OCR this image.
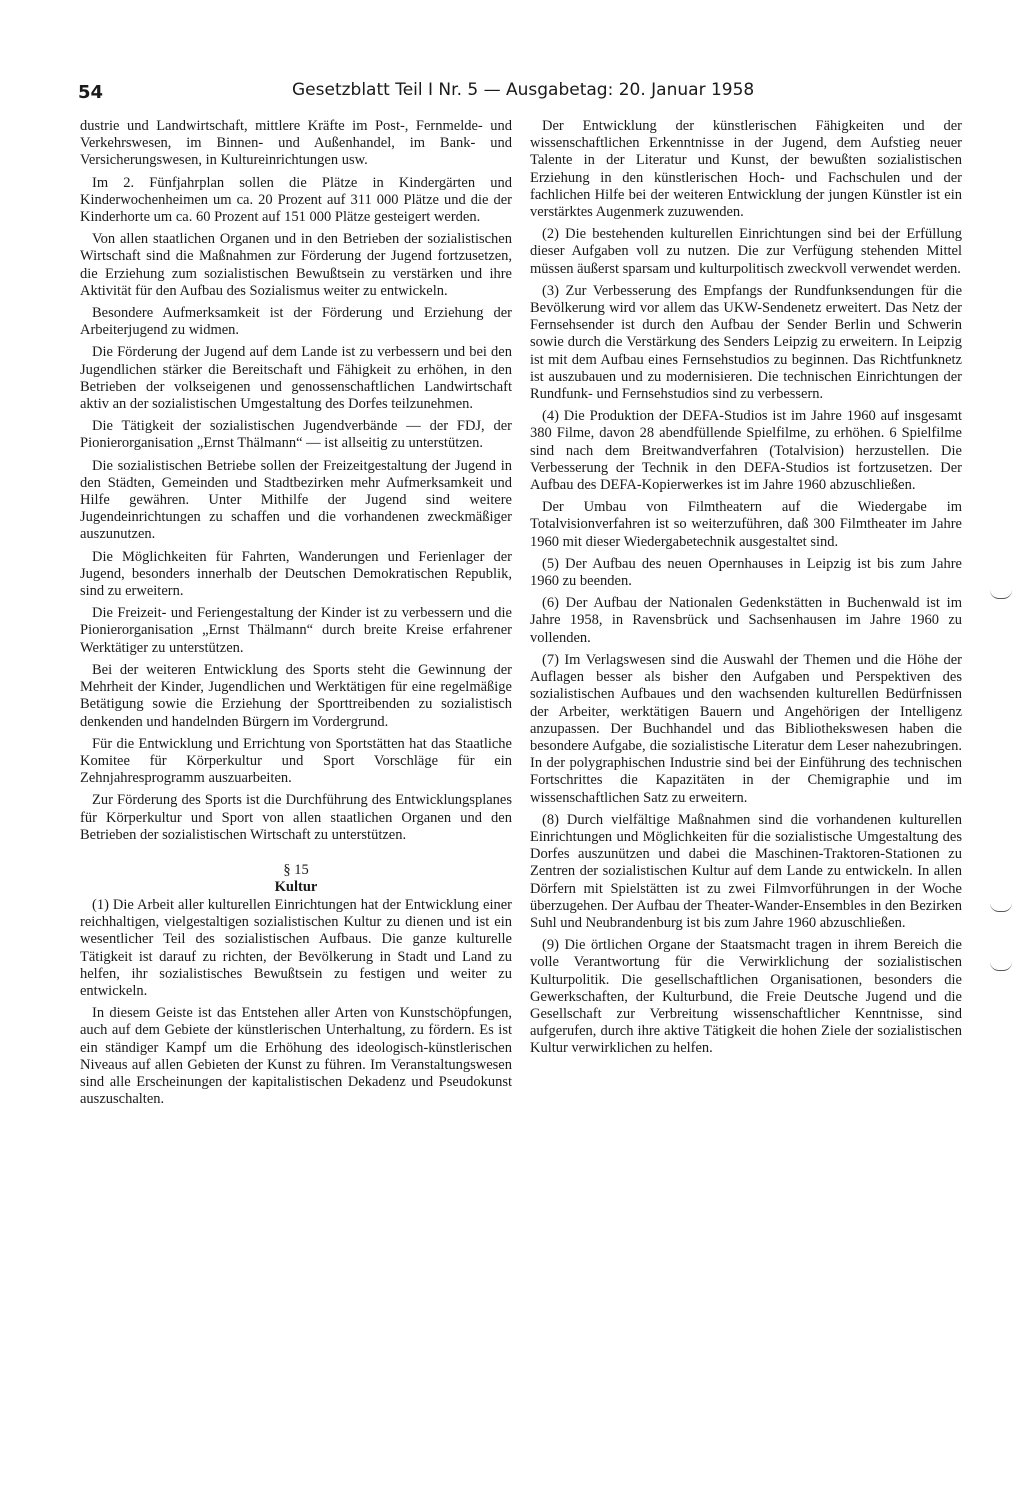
54	Gesetzblatt Teil I Nr. 5 — Ausgabetag: 20. Januar 1958

dustrie und Landwirtschaft, mittlere Kräfte im Post-, Fernmelde- und Verkehrswesen, im Binnen- und Außenhandel, im Bank- und Versicherungswesen, in Kultureinrichtungen usw.

Im 2. Fünfjahrplan sollen die Plätze in Kindergärten und Kinderwochenheimen um ca. 20 Prozent auf 311 000 Plätze und die der Kinderhorte um ca. 60 Prozent auf 151 000 Plätze gesteigert werden.

Von allen staatlichen Organen und in den Betrieben der sozialistischen Wirtschaft sind die Maßnahmen zur Förderung der Jugend fortzusetzen, die Erziehung zum sozialistischen Bewußtsein zu verstärken und ihre Aktivität für den Aufbau des Sozialismus weiter zu entwickeln.

Besondere Aufmerksamkeit ist der Förderung und Erziehung der Arbeiterjugend zu widmen.

Die Förderung der Jugend auf dem Lande ist zu verbessern und bei den Jugendlichen stärker die Bereitschaft und Fähigkeit zu erhöhen, in den Betrieben der volkseigenen und genossenschaftlichen Landwirtschaft aktiv an der sozialistischen Umgestaltung des Dorfes teilzunehmen.

Die Tätigkeit der sozialistischen Jugendverbände — der FDJ, der Pionierorganisation „Ernst Thälmann“ — ist allseitig zu unterstützen.

Die sozialistischen Betriebe sollen der Freizeitgestaltung der Jugend in den Städten, Gemeinden und Stadtbezirken mehr Aufmerksamkeit und Hilfe gewähren. Unter Mithilfe der Jugend sind weitere Jugendeinrichtungen zu schaffen und die vorhandenen zweckmäßiger auszunutzen.

Die Möglichkeiten für Fahrten, Wanderungen und Ferienlager der Jugend, besonders innerhalb der Deutschen Demokratischen Republik, sind zu erweitern.

Die Freizeit- und Feriengestaltung der Kinder ist zu verbessern und die Pionierorganisation „Ernst Thälmann“ durch breite Kreise erfahrener Werktätiger zu unterstützen.

Bei der weiteren Entwicklung des Sports steht die Gewinnung der Mehrheit der Kinder, Jugendlichen und Werktätigen für eine regelmäßige Betätigung sowie die Erziehung der Sporttreibenden zu sozialistisch denkenden und handelnden Bürgern im Vordergrund.

Für die Entwicklung und Errichtung von Sportstätten hat das Staatliche Komitee für Körperkultur und Sport Vorschläge für ein Zehnjahresprogramm auszuarbeiten.

Zur Förderung des Sports ist die Durchführung des Entwicklungsplanes für Körperkultur und Sport von allen staatlichen Organen und den Betrieben der sozialistischen Wirtschaft zu unterstützen.

§ 15
Kultur

(1) Die Arbeit aller kulturellen Einrichtungen hat der Entwicklung einer reichhaltigen, vielgestaltigen sozialistischen Kultur zu dienen und ist ein wesentlicher Teil des sozialistischen Aufbaus. Die ganze kulturelle Tätigkeit ist darauf zu richten, der Bevölkerung in Stadt und Land zu helfen, ihr sozialistisches Bewußtsein zu festigen und weiter zu entwickeln.

In diesem Geiste ist das Entstehen aller Arten von Kunstschöpfungen, auch auf dem Gebiete der künstlerischen Unterhaltung, zu fördern. Es ist ein ständiger Kampf um die Erhöhung des ideologisch-künstlerischen Niveaus auf allen Gebieten der Kunst zu führen. Im Veranstaltungswesen sind alle Erscheinungen der kapitalistischen Dekadenz und Pseudokunst auszuschalten.

Der Entwicklung der künstlerischen Fähigkeiten und der wissenschaftlichen Erkenntnisse in der Jugend, dem Aufstieg neuer Talente in der Literatur und Kunst, der bewußten sozialistischen Erziehung in den künstlerischen Hoch- und Fachschulen und der fachlichen Hilfe bei der weiteren Entwicklung der jungen Künstler ist ein verstärktes Augenmerk zuzuwenden.

(2) Die bestehenden kulturellen Einrichtungen sind bei der Erfüllung dieser Aufgaben voll zu nutzen. Die zur Verfügung stehenden Mittel müssen äußerst sparsam und kulturpolitisch zweckvoll verwendet werden.

(3) Zur Verbesserung des Empfangs der Rundfunksendungen für die Bevölkerung wird vor allem das UKW-Sendenetz erweitert. Das Netz der Fernsehsender ist durch den Aufbau der Sender Berlin und Schwerin sowie durch die Verstärkung des Senders Leipzig zu erweitern. In Leipzig ist mit dem Aufbau eines Fernsehstudios zu beginnen. Das Richtfunknetz ist auszubauen und zu modernisieren. Die technischen Einrichtungen der Rundfunk- und Fernsehstudios sind zu verbessern.

(4) Die Produktion der DEFA-Studios ist im Jahre 1960 auf insgesamt 380 Filme, davon 28 abendfüllende Spielfilme, zu erhöhen. 6 Spielfilme sind nach dem Breitwandverfahren (Totalvision) herzustellen. Die Verbesserung der Technik in den DEFA-Studios ist fortzusetzen. Der Aufbau des DEFA-Kopierwerkes ist im Jahre 1960 abzuschließen.

Der Umbau von Filmtheatern auf die Wiedergabe im Totalvisionverfahren ist so weiterzuführen, daß 300 Filmtheater im Jahre 1960 mit dieser Wiedergabetechnik ausgestaltet sind.

(5) Der Aufbau des neuen Opernhauses in Leipzig ist bis zum Jahre 1960 zu beenden.

(6) Der Aufbau der Nationalen Gedenkstätten in Buchenwald ist im Jahre 1958, in Ravensbrück und Sachsenhausen im Jahre 1960 zu vollenden.

(7) Im Verlagswesen sind die Auswahl der Themen und die Höhe der Auflagen besser als bisher den Aufgaben und Perspektiven des sozialistischen Aufbaues und den wachsenden kulturellen Bedürfnissen der Arbeiter, werktätigen Bauern und Angehörigen der Intelligenz anzupassen. Der Buchhandel und das Bibliothekswesen haben die besondere Aufgabe, die sozialistische Literatur dem Leser nahezubringen. In der polygraphischen Industrie sind bei der Einführung des technischen Fortschrittes die Kapazitäten in der Chemigraphie und im wissenschaftlichen Satz zu erweitern.

(8) Durch vielfältige Maßnahmen sind die vorhandenen kulturellen Einrichtungen und Möglichkeiten für die sozialistische Umgestaltung des Dorfes auszunützen und dabei die Maschinen-Traktoren-Stationen zu Zentren der sozialistischen Kultur auf dem Lande zu entwickeln. In allen Dörfern mit Spielstätten ist zu zwei Filmvorführungen in der Woche überzugehen. Der Aufbau der Theater-Wander-Ensembles in den Bezirken Suhl und Neubrandenburg ist bis zum Jahre 1960 abzuschließen.

(9) Die örtlichen Organe der Staatsmacht tragen in ihrem Bereich die volle Verantwortung für die Verwirklichung der sozialistischen Kulturpolitik. Die gesellschaftlichen Organisationen, besonders die Gewerkschaften, der Kulturbund, die Freie Deutsche Jugend und die Gesellschaft zur Verbreitung wissenschaftlicher Kenntnisse, sind aufgerufen, durch ihre aktive Tätigkeit die hohen Ziele der sozialistischen Kultur verwirklichen zu helfen.
